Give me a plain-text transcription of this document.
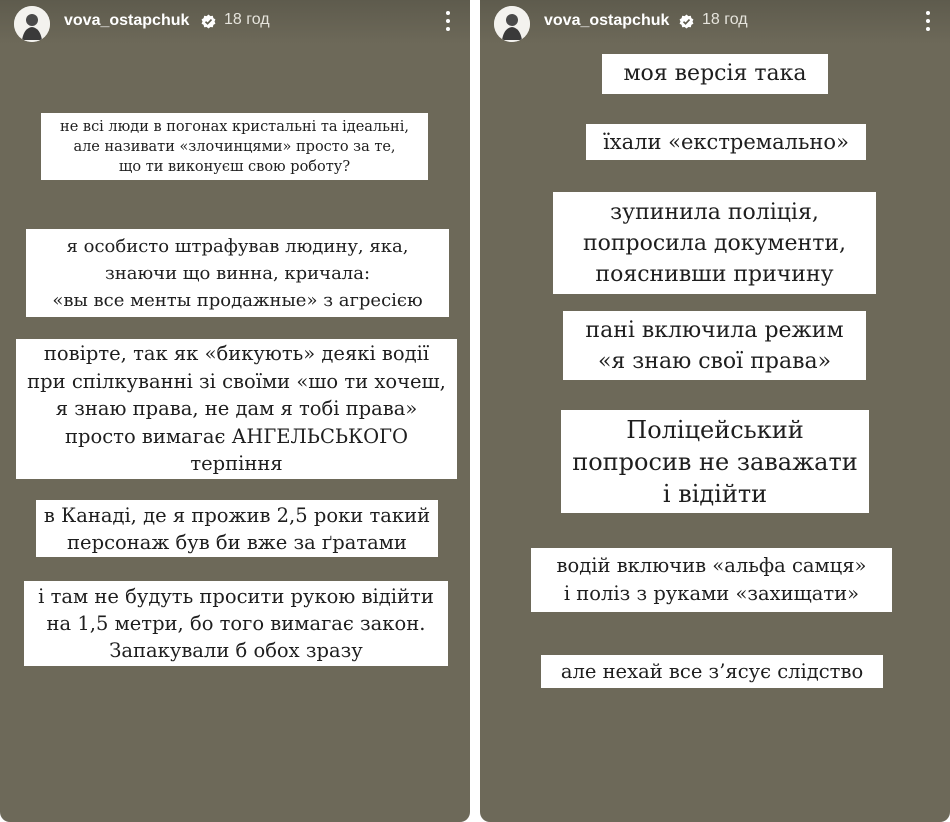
vova_ostapchuk 18 год
не всі люди в погонах кристальні та ідеальні,
але називати «злочинцями» просто за те,
що ти виконуєш свою роботу?
я особисто штрафував людину, яка,
знаючи що винна, кричала:
«вы все менты продажные» з агресією
повірте, так як «бикують» деякі водії
при спілкуванні зі своїми «шо ти хочеш,
я знаю права, не дам я тобі права»
просто вимагає АНГЕЛЬСЬКОГО
терпіння
в Канаді, де я прожив 2,5 роки такий
персонаж був би вже за ґратами
і там не будуть просити рукою відійти
на 1,5 метри, бо того вимагає закон.
Запакували б обох зразу
vova_ostapchuk 18 год
моя версія така
їхали «екстремально»
зупинила поліція,
попросила документи,
пояснивши причину
пані включила режим
«я знаю свої права»
Поліцейський
попросив не заважати
і відійти
водій включив «альфа самця»
і поліз з руками «захищати»
але нехай все з’ясує слідство
